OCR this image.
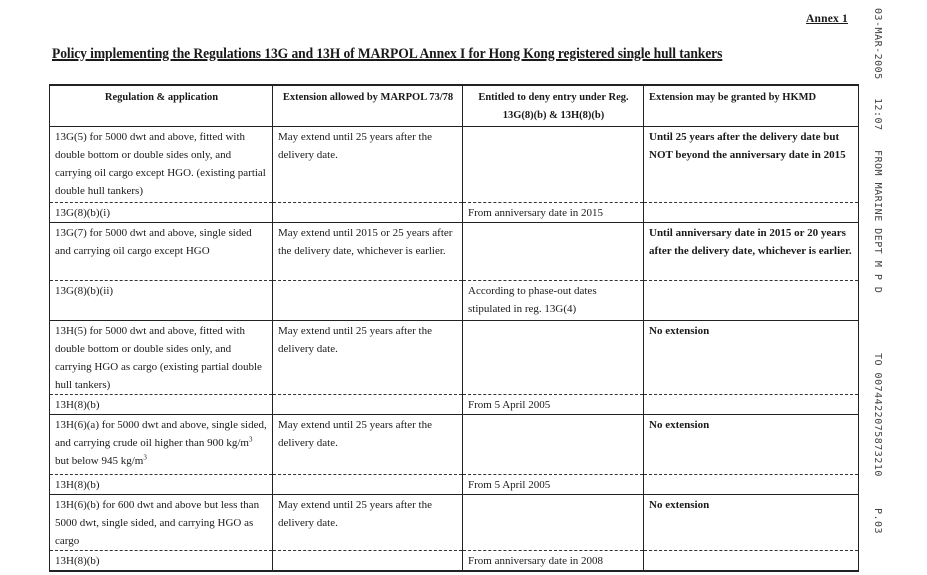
Annex 1
Policy implementing the Regulations 13G and 13H of MARPOL Annex I for Hong Kong registered single hull tankers	03-MAR-2005
12:07
FROM MARINE DEPT M P D
TO 0074422075873210
P.03
Regulation & application	Extension allowed by MARPOL 73/78	Entitled to deny entry under Reg. 13G(8)(b) & 13H(8)(b)	Extension may be granted by HKMD
13G(5) for 5000 dwt and above, fitted with double bottom or double sides only, and carrying oil cargo except HGO. (existing partial double hull tankers)	May extend until 25 years after the delivery date.		Until 25 years after the delivery date but NOT beyond the anniversary date in 2015
13G(8)(b)(i)		From anniversary date in 2015	
13G(7) for 5000 dwt and above, single sided and carrying oil cargo except HGO	May extend until 2015 or 25 years after the delivery date, whichever is earlier.		Until anniversary date in 2015 or 20 years after the delivery date, whichever is earlier.
13G(8)(b)(ii)		According to phase-out dates stipulated in reg. 13G(4)	
13H(5) for 5000 dwt and above, fitted with double bottom or double sides only, and carrying HGO as cargo (existing partial double hull tankers)	May extend until 25 years after the delivery date.		No extension
13H(8)(b)		From 5 April 2005	
13H(6)(a) for 5000 dwt and above, single sided, and carrying crude oil higher than 900 $kg/m^3$ but below 945 $kg/m^3$	May extend until 25 years after the delivery date.		No extension
13H(8)(b)		From 5 April 2005	
13H(6)(b) for 600 dwt and above but less than 5000 dwt, single sided, and carrying HGO as cargo	May extend until 25 years after the delivery date.		No extension
13H(8)(b)		From anniversary date in 2008	
